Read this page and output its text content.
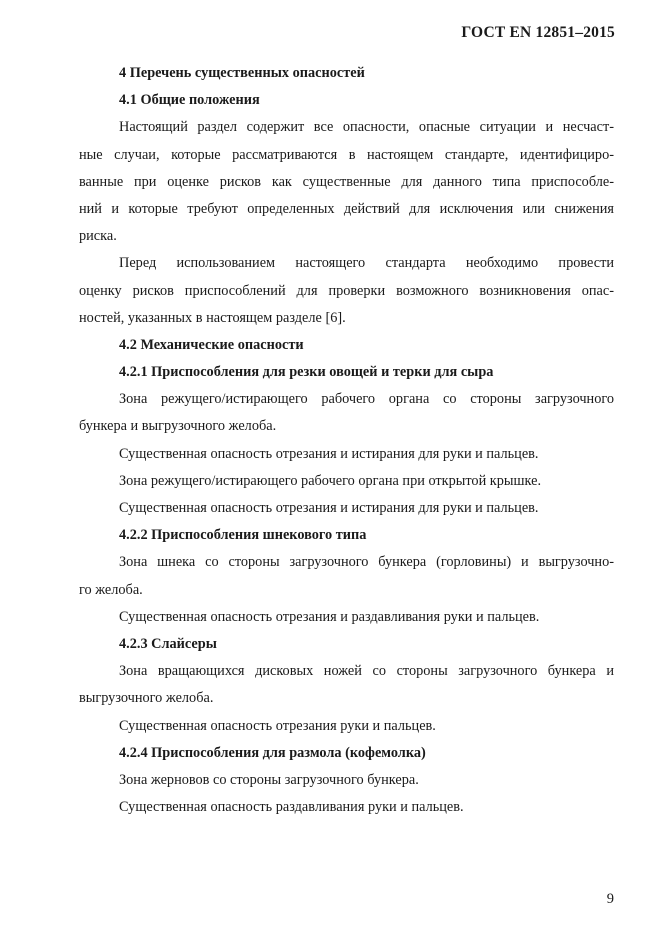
ГОСТ EN 12851–2015
4 Перечень существенных опасностей
4.1 Общие положения
Настоящий раздел содержит все опасности, опасные ситуации и несчаст-
ные случаи, которые рассматриваются в настоящем стандарте, идентифициро-
ванные при оценке рисков как существенные для данного типа приспособле-
ний и которые требуют определенных действий для исключения или снижения
риска.
Перед использованием настоящего стандарта необходимо провести
оценку рисков приспособлений для проверки возможного возникновения опас-
ностей, указанных в настоящем разделе [6].
4.2 Механические опасности
4.2.1 Приспособления для резки овощей и терки для сыра
Зона режущего/истирающего рабочего органа со стороны загрузочного
бункера и выгрузочного желоба.
Существенная опасность отрезания и истирания для руки и пальцев.
Зона режущего/истирающего рабочего органа при открытой крышке.
Существенная опасность отрезания и истирания для руки и пальцев.
4.2.2 Приспособления шнекового типа
Зона шнека со стороны загрузочного бункера (горловины) и выгрузочно-
го желоба.
Существенная опасность отрезания и раздавливания руки и пальцев.
4.2.3 Слайсеры
Зона вращающихся дисковых ножей со стороны загрузочного бункера и
выгрузочного желоба.
Существенная опасность отрезания руки и пальцев.
4.2.4 Приспособления для размола (кофемолка)
Зона жерновов со стороны загрузочного бункера.
Существенная опасность раздавливания руки и пальцев.
9
